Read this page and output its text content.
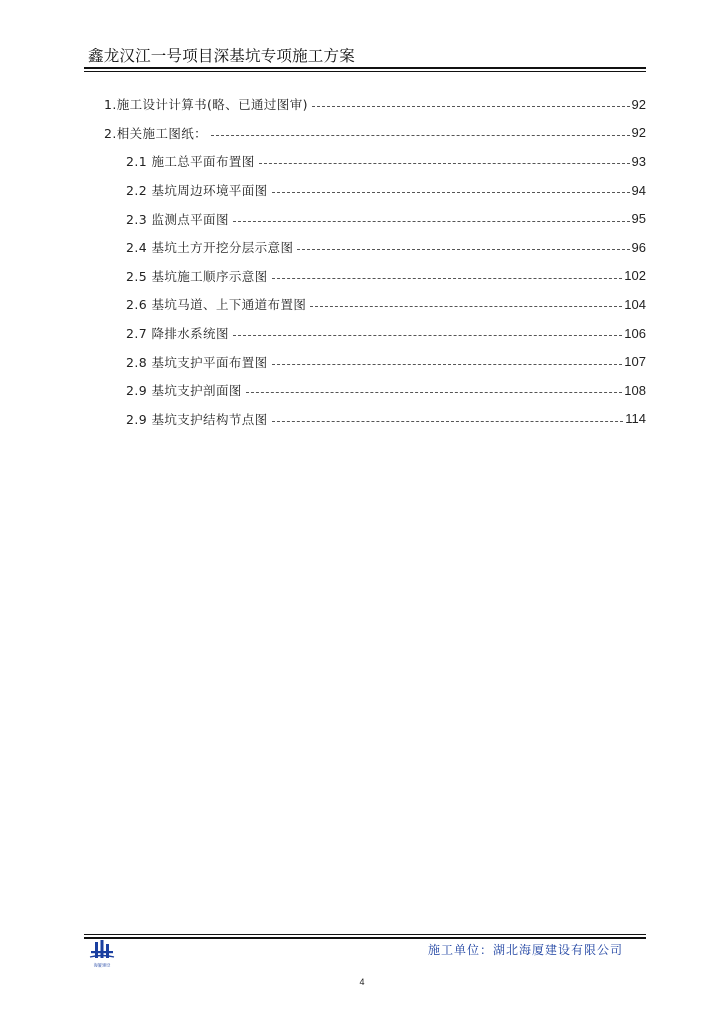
鑫龙汉江一号项目深基坑专项施工方案
1.施工设计计算书(略、已通过图审)	92
2.相关施工图纸：	92
2.1 施工总平面布置图	93
2.2 基坑周边环境平面图	94
2.3 监测点平面图	95
2.4 基坑土方开挖分层示意图	96
2.5 基坑施工顺序示意图	102
2.6 基坑马道、上下通道布置图	104
2.7 降排水系统图	106
2.8 基坑支护平面布置图	107
2.9 基坑支护剖面图	108
2.9 基坑支护结构节点图	114
海厦建设
施工单位：湖北海厦建设有限公司
4
